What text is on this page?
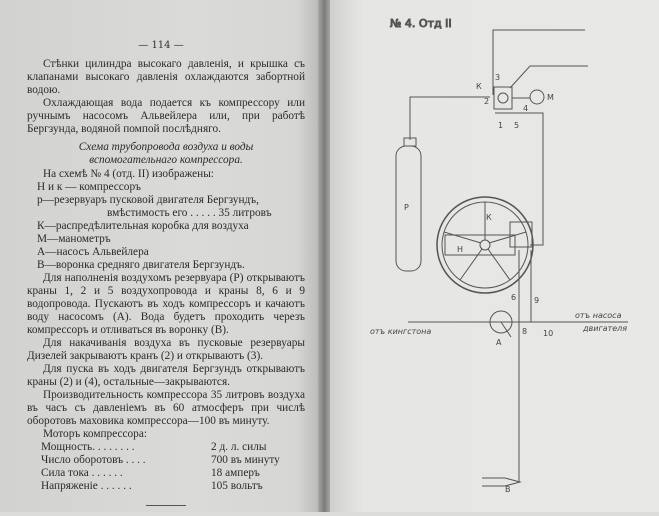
— 114 —

Стѣнки цилиндра высокаго давленія, и крышка съ клапанами высокаго давленія охлаждаются забортной водою.

Охлаждающая вода подается къ компрессору или ручнымъ насосомъ Альвейлера или, при работѣ Бергзунда, водяной помпой послѣдняго.

Схема трубопровода воздуха и воды вспомогательнаго компрессора.

На схемѣ № 4 (отд. II) изображены:

Н и к — компрессоръ
р—резервуаръ пусковой двигателя Бергзундъ,
вмѣстимость его . . . . . 35 литровъ
К—распредѣлительная коробка для воздуха
М—манометръ
А—насосъ Альвейлера
В—воронка средняго двигателя Бергзундъ.

Для наполненія воздухомъ резервуара (Р) открываютъ краны 1, 2 и 5 воздухопровода и краны 8, 6 и 9 водопровода. Пускаютъ въ ходъ компрессоръ и качаютъ воду насосомъ (А). Вода будетъ проходить черезъ компрессоръ и отливаться въ воронку (В).

Для накачиванія воздуха въ пусковые резервуары Дизелей закрываютъ кранъ (2) и открываютъ (3).

Для пуска въ ходъ двигателя Бергзундъ открываютъ краны (2) и (4), остальные—закрываются.

Производительность компрессора 35 литровъ воздуха въ часъ съ давленіемъ въ 60 атмосферъ при числѣ оборотовъ маховика компрессора—100 въ минуту.

Моторъ компрессора:

Мощность. . . . . . . .	2 д. л. силы
Число оборотовъ . . . .	700 въ минуту
Сила тока . . . . . .	18 амперъ
Напряженіе . . . . . .	105 вольтъ
№ 4. Отд II
К
3
2
4
М
1 5
Р
К
Н
6 9
8 10
А
В
отъ кингстона
отъ насоса
двигателя
